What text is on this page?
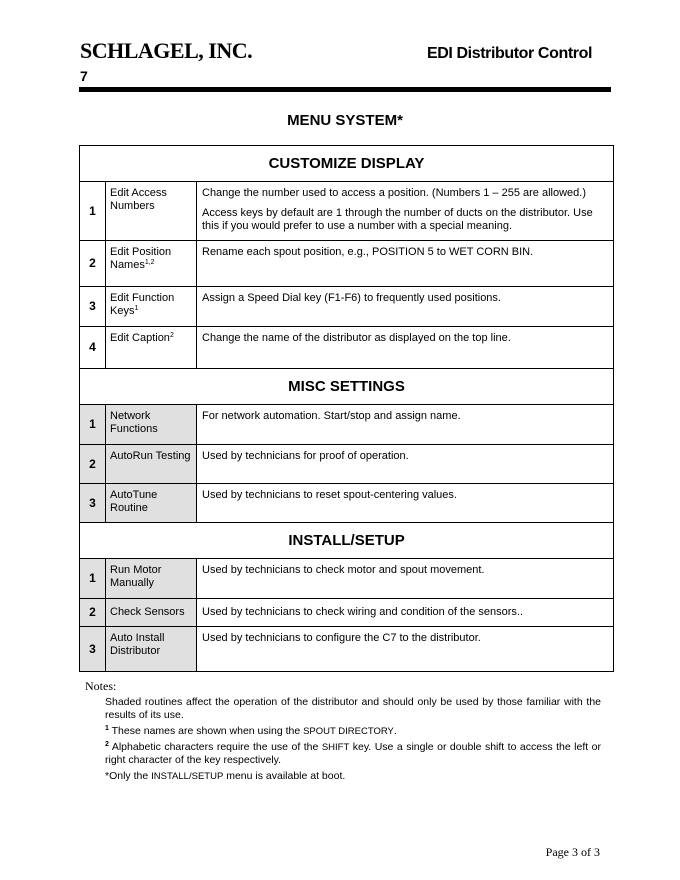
SCHLAGEL, INC.	EDI Distributor Control
7
MENU SYSTEM*
CUSTOMIZE DISPLAY		
1	Edit Access Numbers	Change the number used to access a position. (Numbers 1 – 255 are allowed.)

Access keys by default are 1 through the number of ducts on the distributor. Use this if you would prefer to use a number with a special meaning.

2	Edit Position Names$^{1,2}$	Rename each spout position, e.g., POSITION 5 to WET CORN BIN.
3	Edit Function Keys$^1$	Assign a Speed Dial key (F1-F6) to frequently used positions.
4	Edit Caption$^2$	Change the name of the distributor as displayed on the top line.
MISC SETTINGS		
1	Network Functions	For network automation. Start/stop and assign name.
2	AutoRun Testing	Used by technicians for proof of operation.
3	AutoTune Routine	Used by technicians to reset spout-centering values.
INSTALL/SETUP		
1	Run Motor Manually	Used by technicians to check motor and spout movement.
2	Check Sensors	Used by technicians to check wiring and condition of the sensors..
3	Auto Install Distributor	Used by technicians to configure the C7 to the distributor.
Notes:

Shaded routines affect the operation of the distributor and should only be used by those familiar with the results of its use.

$^1$ These names are shown when using the SPOUT DIRECTORY.

$^2$ Alphabetic characters require the use of the SHIFT key. Use a single or double shift to access the left or right character of the key respectively.

*Only the INSTALL/SETUP menu is available at boot.

Page 3 of 3
